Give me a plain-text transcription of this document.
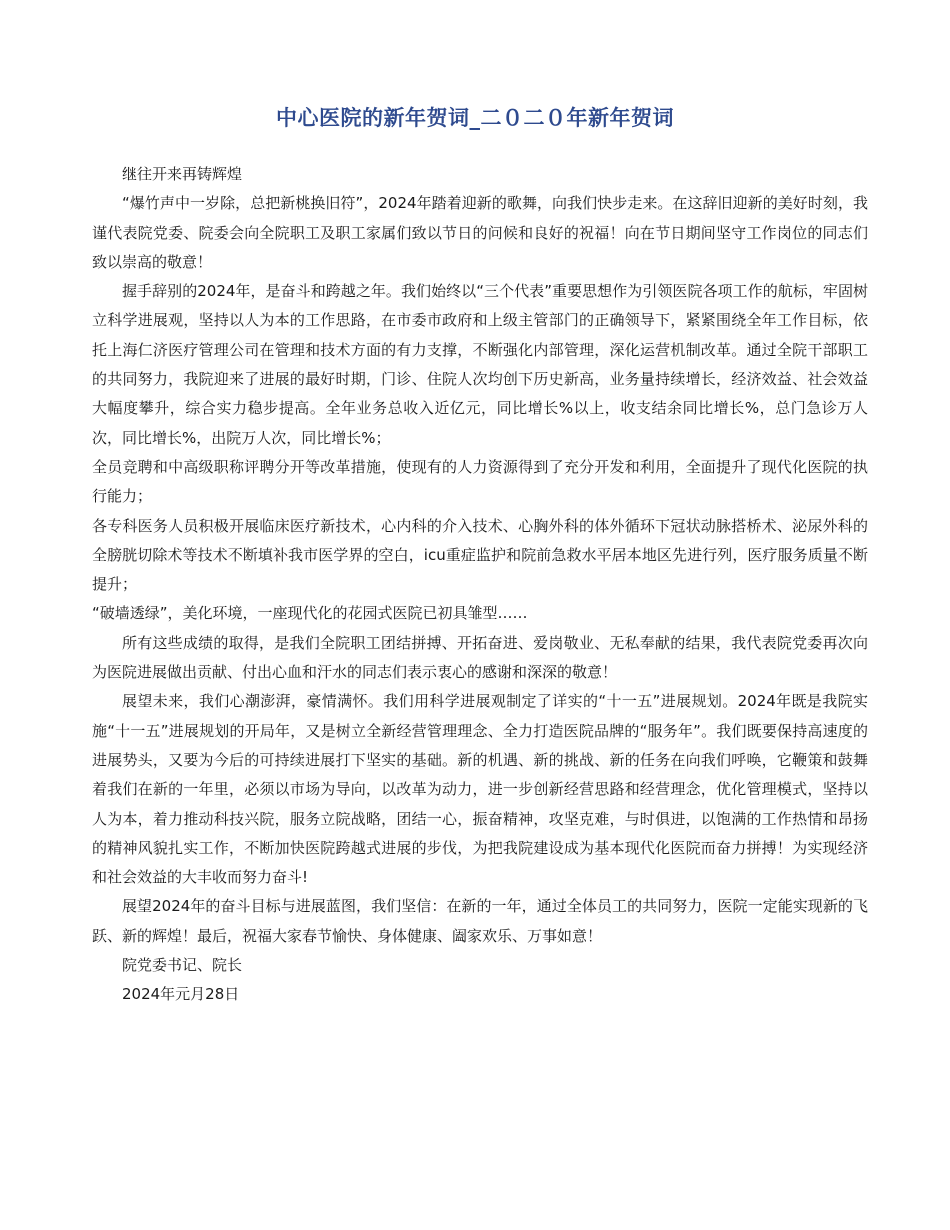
中心医院的新年贺词_二０二０年新年贺词

继往开来再铸辉煌

“爆竹声中一岁除，总把新桃换旧符”，2024年踏着迎新的歌舞，向我们快步走来。在这辞旧迎新的美好时刻，我谨代表院党委、院委会向全院职工及职工家属们致以节日的问候和良好的祝福！向在节日期间坚守工作岗位的同志们致以崇高的敬意！

握手辞别的2024年，是奋斗和跨越之年。我们始终以“三个代表”重要思想作为引领医院各项工作的航标，牢固树立科学进展观，坚持以人为本的工作思路，在市委市政府和上级主管部门的正确领导下，紧紧围绕全年工作目标，依托上海仁济医疗管理公司在管理和技术方面的有力支撑，不断强化内部管理，深化运营机制改革。通过全院干部职工的共同努力，我院迎来了进展的最好时期，门诊、住院人次均创下历史新高，业务量持续增长，经济效益、社会效益大幅度攀升，综合实力稳步提高。全年业务总收入近亿元，同比增长%以上，收支结余同比增长%，总门急诊万人次，同比增长%，出院万人次，同比增长%；

全员竞聘和中高级职称评聘分开等改革措施，使现有的人力资源得到了充分开发和利用，全面提升了现代化医院的执行能力；

各专科医务人员积极开展临床医疗新技术，心内科的介入技术、心胸外科的体外循环下冠状动脉搭桥术、泌尿外科的全膀胱切除术等技术不断填补我市医学界的空白，icu重症监护和院前急救水平居本地区先进行列，医疗服务质量不断提升；

“破墙透绿”，美化环境，一座现代化的花园式医院已初具雏型……

所有这些成绩的取得，是我们全院职工团结拼搏、开拓奋进、爱岗敬业、无私奉献的结果，我代表院党委再次向为医院进展做出贡献、付出心血和汗水的同志们表示衷心的感谢和深深的敬意！

展望未来，我们心潮澎湃，豪情满怀。我们用科学进展观制定了详实的“十一五”进展规划。2024年既是我院实施“十一五”进展规划的开局年，又是树立全新经营管理理念、全力打造医院品牌的“服务年”。我们既要保持高速度的进展势头，又要为今后的可持续进展打下坚实的基础。新的机遇、新的挑战、新的任务在向我们呼唤，它鞭策和鼓舞着我们在新的一年里，必须以市场为导向，以改革为动力，进一步创新经营思路和经营理念，优化管理模式，坚持以人为本，着力推动科技兴院，服务立院战略，团结一心，振奋精神，攻坚克难，与时俱进，以饱满的工作热情和昂扬的精神风貌扎实工作，不断加快医院跨越式进展的步伐，为把我院建设成为基本现代化医院而奋力拼搏！为实现经济和社会效益的大丰收而努力奋斗!

展望2024年的奋斗目标与进展蓝图，我们坚信：在新的一年，通过全体员工的共同努力，医院一定能实现新的飞跃、新的辉煌！最后，祝福大家春节愉快、身体健康、阖家欢乐、万事如意！

院党委书记、院长

2024年元月28日
